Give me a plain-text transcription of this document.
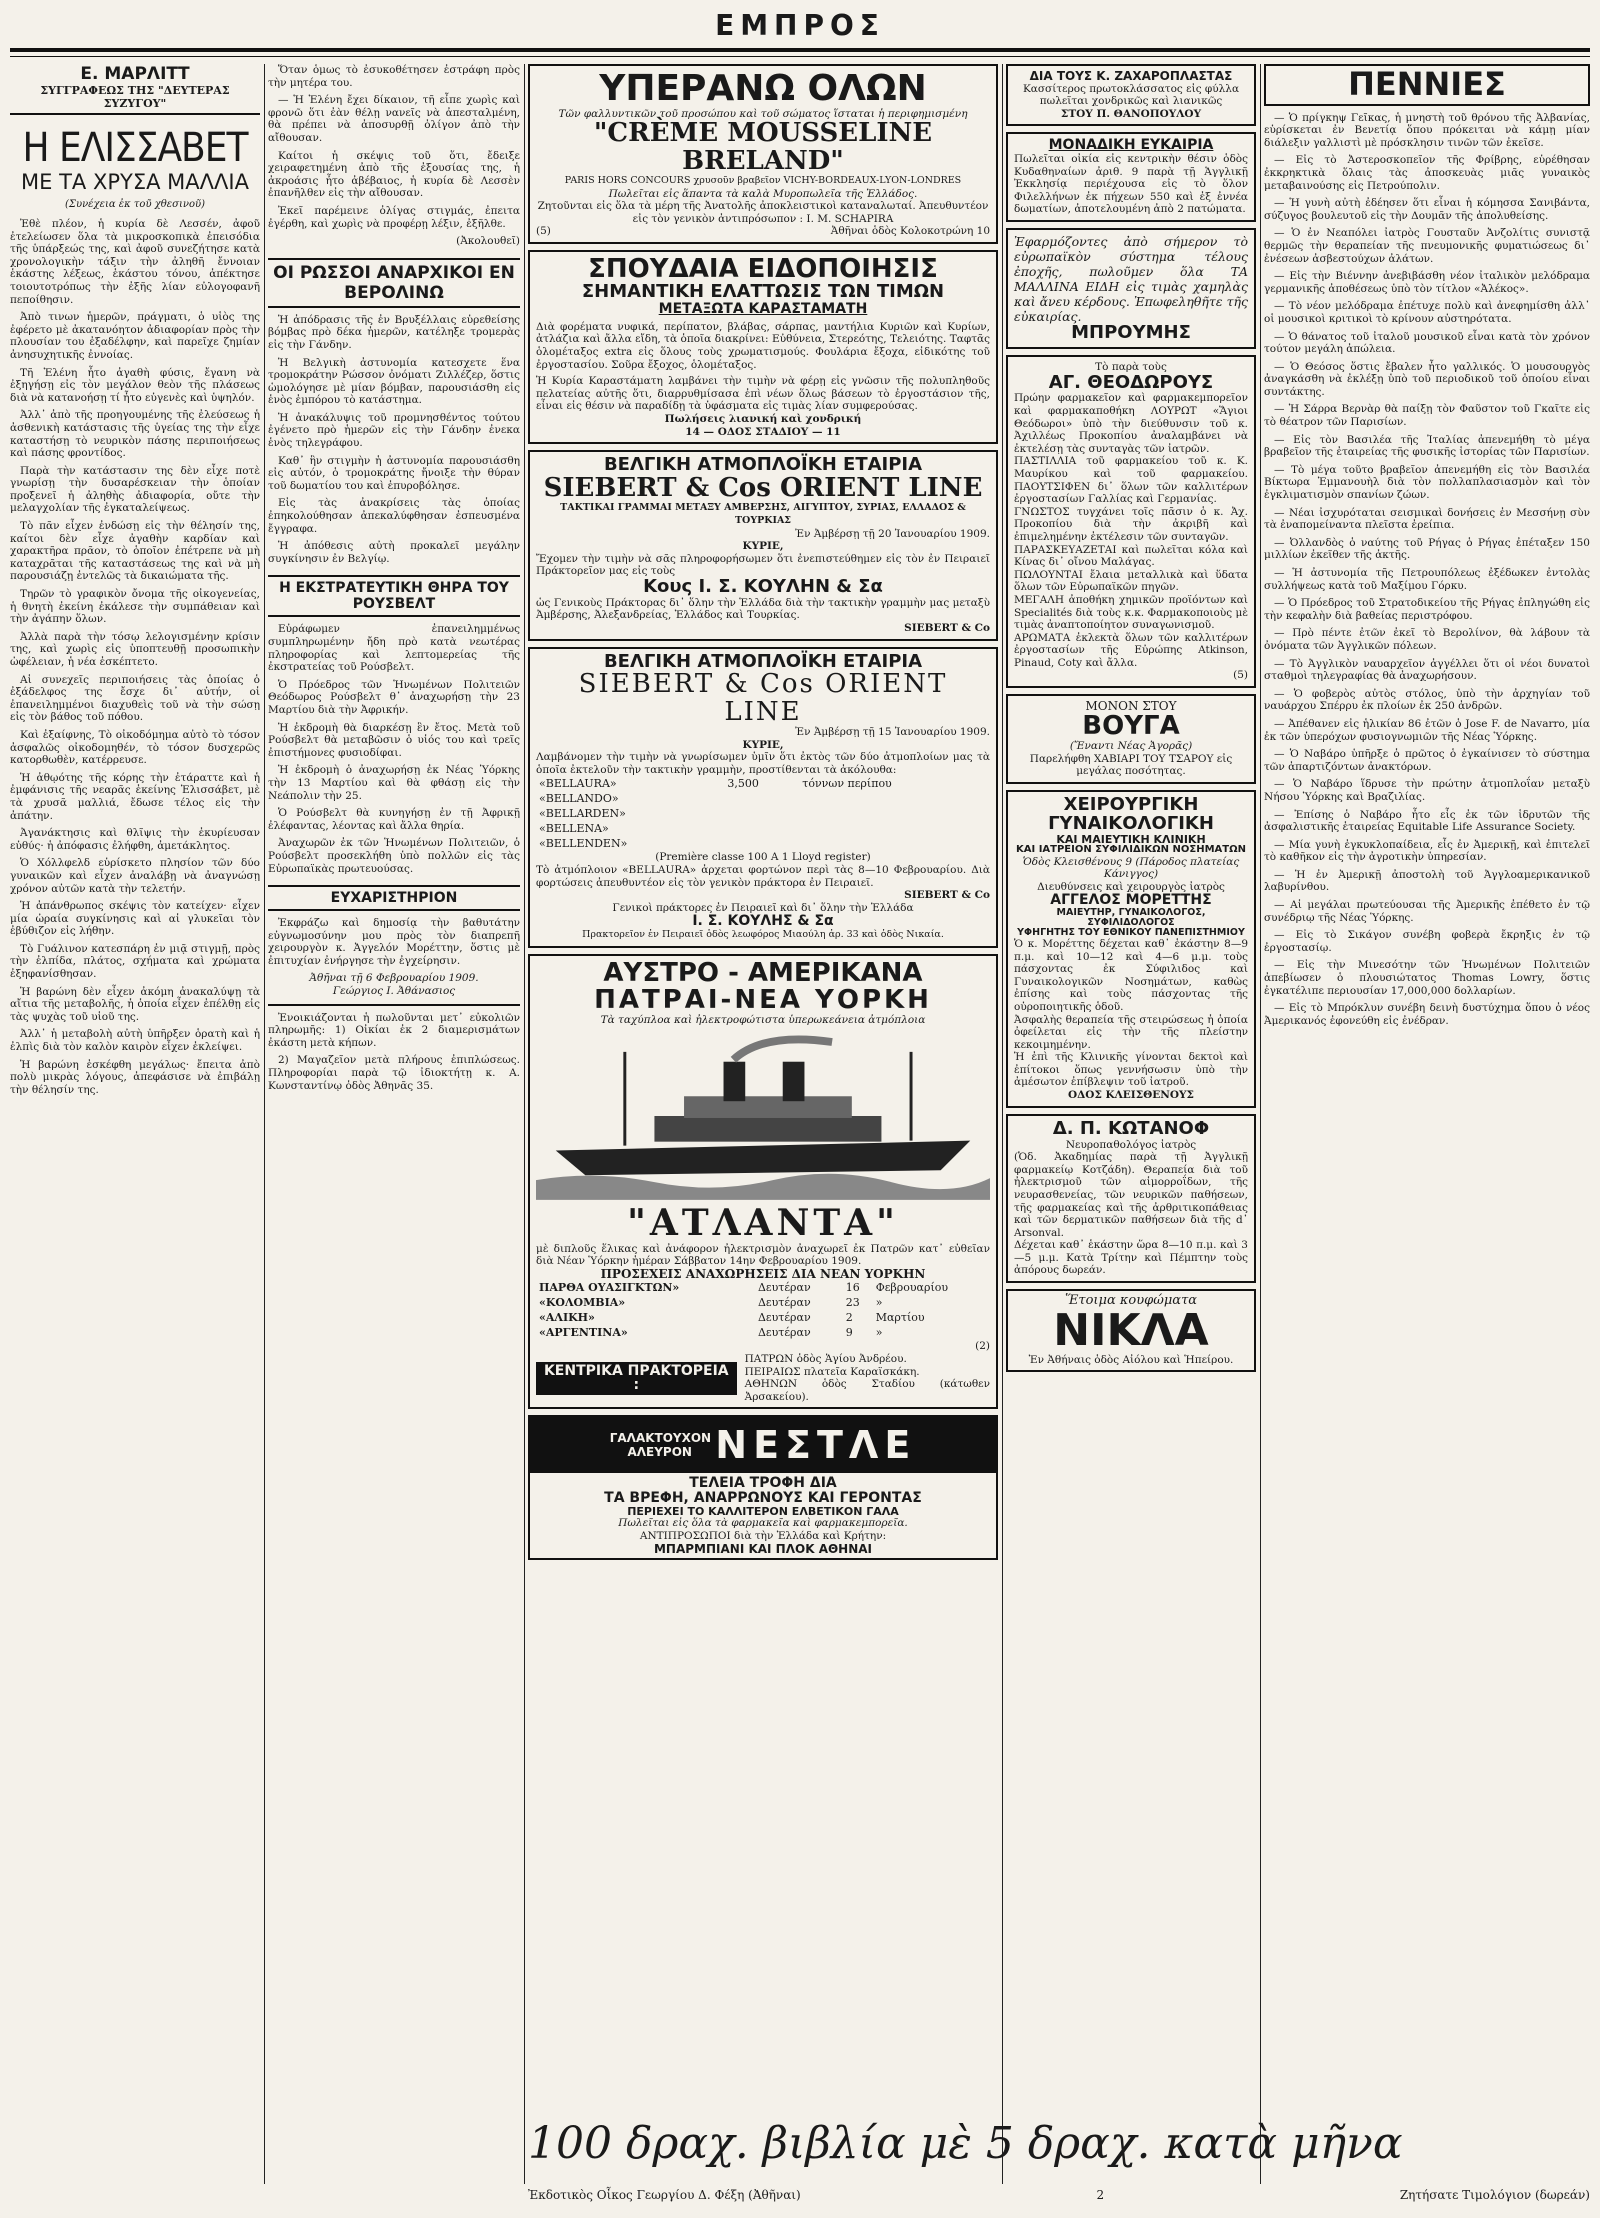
ΕΜΠΡΟΣ
Ε. ΜΑΡΛΙΤΤ
ΣΥΓΓΡΑΦΕΩΣ ΤΗΣ "ΔΕΥΤΕΡΑΣ ΣΥΖΥΓΟΥ"
Η ΕΛΙΣΣΑΒΕΤ
ΜΕ ΤΑ ΧΡΥΣΑ ΜΑΛΛΙΑ
(Συνέχεια ἐκ τοῦ χθεσινοῦ)

Ἐθὲ πλέον, ἡ κυρία δὲ Λεσσέν, ἀφοῦ ἐτελείωσεν ὅλα τὰ μικροσκοπικὰ ἐπεισόδια τῆς ὑπάρξεώς της, καὶ ἀφοῦ συνεζήτησε κατὰ χρονολογικὴν τάξιν τὴν ἀληθῆ ἔννοιαν ἑκάστης λέξεως, ἑκάστου τόνου, ἀπέκτησε τοιουτοτρόπως τὴν ἐξῆς λίαν εὐλογοφανῆ πεποίθησιν.

Ἀπὸ τινων ἡμερῶν, πράγματι, ὁ υἱὸς της ἐφέρετο μὲ ἀκατανόητον ἀδιαφορίαν πρὸς τὴν πλουσίαν του ἐξαδέλφην, καὶ παρεῖχε ζημίαν ἀνησυχητικῆς ἐννοίας.

Τῆ Ἑλένη ἦτο ἀγαθὴ φύσις, ἔγανη νὰ ἐξηγήσῃ εἰς τὸν μεγάλον θεὸν τῆς πλάσεως διὰ νὰ κατανοήσῃ τί ἦτο εὐγενὲς καὶ ὑψηλόν.

Ἀλλ᾽ ἀπὸ τῆς προηγουμένης τῆς ἐλεύσεως ἡ ἀσθενικὴ κατάστασις τῆς ὑγείας της τὴν εἶχε καταστήσῃ τὸ νευρικὸν πάσης περιποιήσεως καὶ πάσης φροντίδος.

Παρὰ τὴν κατάστασιν της δὲν εἶχε ποτὲ γνωρίσῃ τὴν δυσαρέσκειαν τὴν ὁποίαν προξενεῖ ἡ ἀληθὴς ἀδιαφορία, οὔτε τὴν μελαγχολίαν τῆς ἐγκαταλείψεως.

Τὸ πᾶν εἶχεν ἐνδώσῃ εἰς τὴν θέλησίν της, καίτοι δὲν εἶχε ἀγαθὴν καρδίαν καὶ χαρακτῆρα πρᾶον, τὸ ὁποῖον ἐπέτρεπε νὰ μὴ καταχρᾶται τῆς καταστάσεως της καὶ νὰ μὴ παρουσιάζῃ ἐντελῶς τὰ δικαιώματα τῆς.

Τηρῶν τὸ γραφικὸν ὄνομα τῆς οἰκογενείας, ἡ θνητὴ ἐκείνη ἐκάλεσε τὴν συμπάθειαν καὶ τὴν ἀγάπην ὅλων.

Ἀλλὰ παρὰ τὴν τόσῳ λελογισμένην κρίσιν της, καὶ χωρὶς εἰς ὑποπτευθῇ προσωπικὴν ὠφέλειαν, ἡ νέα ἐσκέπτετο.

Αἱ συνεχεῖς περιποιήσεις τὰς ὁποίας ὁ ἐξάδελφος της ἔσχε δι᾽ αὐτήν, οἱ ἐπανειλημμένοι διαχυθεὶς τοῦ νὰ τὴν σώσῃ εἰς τὸν βάθος τοῦ πόθου.

Καὶ ἐξαίφνης, Τὸ οἰκοδόμημα αὐτὸ τὸ τόσον ἀσφαλῶς οἰκοδομηθέν, τὸ τόσον δυσχερῶς κατορθωθὲν, κατέρρευσε.

Ἡ ἀθῳότης τῆς κόρης τὴν ἐτάραττε καὶ ἡ ἐμφάνισις τῆς νεαρᾶς ἐκείνης Ἑλισσάβετ, μὲ τὰ χρυσᾶ μαλλιά, ἔδωσε τέλος εἰς τὴν ἀπάτην.

Ἀγανάκτησις καὶ θλῖψις τὴν ἐκυρίευσαν εὐθύς· ἡ ἀπόφασις ἐλήφθη, ἀμετάκλητος.

Ὁ Χόλλφελδ εὑρίσκετο πλησίον τῶν δύο γυναικῶν καὶ εἶχεν ἀναλάβῃ νὰ ἀναγνώσῃ χρόνον αὐτῶν κατὰ τὴν τελετήν.

Ἡ ἀπάνθρωπος σκέψις τὸν κατείχεν· εἶχεν μία ὠραία συγκίνησις καὶ αἱ γλυκεῖαι τὸν ἐβύθιζον εἰς λήθην.

Τὸ Γυάλινον κατεσπάρη ἐν μιᾷ στιγμῇ, πρὸς τὴν ἐλπίδα, πλάτος, σχήματα καὶ χρώματα ἐξηφανίσθησαν.

Ἡ βαρώνη δὲν εἶχεν ἀκόμη ἀνακαλύψῃ τὰ αἴτια τῆς μεταβολῆς, ἡ ὁποία εἶχεν ἐπέλθῃ εἰς τὰς ψυχὰς τοῦ υἱοῦ της.

Ἀλλ᾽ ἡ μεταβολὴ αὐτὴ ὑπῆρξεν ὁρατὴ καὶ ἡ ἐλπὶς διὰ τὸν καλὸν καιρὸν εἶχεν ἐκλείψει.

Ἡ βαρώνη ἐσκέφθη μεγάλως· ἔπειτα ἀπὸ πολὺ μικρὰς λόγους, ἀπεφάσισε νὰ ἐπιβάλῃ τὴν θέλησίν της.

Ὅταν ὁμως τὸ ἐσυκοθέτησεν ἐστράφη πρὸς τὴν μητέρα του.

— Ἡ Ἑλένη ἔχει δίκαιον, τῆ εἶπε χωρὶς καὶ φρονῶ ὅτι ἐὰν θέλῃ νανεῖς νὰ ἀπεσταλμένη, θὰ πρέπει νὰ ἀποσυρθῇ ὀλίγον ἀπὸ τὴν αἴθουσαν.

Καίτοι ἡ σκέψις τοῦ ὅτι, ἔδειξε χειραφετημένη ἀπὸ τῆς ἐξουσίας της, ἡ ἀκροάσις ἦτο ἀβέβαιος, ἡ κυρία δὲ Λεσσὲν ἐπανῆλθεν εἰς τὴν αἴθουσαν.

Ἐκεῖ παρέμεινε ὀλίγας στιγμάς, ἐπειτα ἐγέρθη, καὶ χωρὶς νὰ προφέρῃ λέξιν, ἐξῆλθε.

(Ἀκολουθεῖ)
ΟΙ ΡΩΣΣΟΙ ΑΝΑΡΧΙΚΟΙ ΕΝ ΒΕΡΟΛΙΝΩ

Ἡ ἀπόδρασις τῆς ἐν Βρυξέλλαις εὑρεθείσης βόμβας πρὸ δέκα ἡμερῶν, κατέληξε τρομερὰς εἰς τὴν Γάνδην.

Ἡ Βελγικὴ ἀστυνομία κατεσχετε ἕνα τρομοκράτην Ρώσσον ὀνόματι Ζιλλέζερ, ὅστις ὡμολόγησε μὲ μίαν βόμβαν, παρουσιάσθη εἰς ἑνὸς ἐμπόρου τὸ κατάστημα.

Ἡ ἀνακάλυψις τοῦ προμνησθέντος τούτου ἐγένετο πρὸ ἡμερῶν εἰς τὴν Γάνδην ἐνεκα ἑνὸς τηλεγράφου.

Καθ᾽ ἣν στιγμὴν ἡ ἀστυνομία παρουσιάσθη εἰς αὐτόν, ὁ τρομοκράτης ἤνοιξε τὴν θύραν τοῦ δωματίου του καὶ ἐπυροβόλησε.

Εἰς τὰς ἀνακρίσεις τὰς ὁποίας ἐπηκολούθησαν ἀπεκαλύφθησαν ἐσπευσμένα ἔγγραφα.

Ἡ ἀπόθεσις αὐτὴ προκαλεῖ μεγάλην συγκίνησιν ἐν Βελγίῳ.

Η ΕΚΣΤΡΑΤΕΥΤΙΚΗ ΘΗΡΑ ΤΟΥ ΡΟΥΣΒΕΛΤ

Εὐράφωμεν ἐπανειλημμένως συμπληρωμένην ἤδη πρὸ κατὰ νεωτέρας πληροφορίας καὶ λεπτομερείας τῆς ἐκστρατείας τοῦ Ρούσβελτ.

Ὁ Πρόεδρος τῶν Ἡνωμένων Πολιτειῶν Θεόδωρος Ρούσβελτ θ᾽ ἀναχωρήσῃ τὴν 23 Μαρτίου διὰ τὴν Ἀφρικήν.

Ἡ ἐκδρομὴ θὰ διαρκέσῃ ἓν ἔτος. Μετὰ τοῦ Ρούσβελτ θὰ μεταβῶσιν ὁ υἱός του καὶ τρεῖς ἐπιστήμονες φυσιοδίφαι.

Ἡ ἐκδρομὴ ὁ ἀναχωρήσῃ ἐκ Νέας Ὑόρκης τὴν 13 Μαρτίου καὶ θὰ φθάσῃ εἰς τὴν Νεάπολιν τὴν 25.

Ὁ Ρούσβελτ θὰ κυνηγήσῃ ἐν τῇ Ἀφρικῇ ἐλέφαντας, λέοντας καὶ ἄλλα θηρία.

Ἀναχωρῶν ἐκ τῶν Ἡνωμένων Πολιτειῶν, ὁ Ρούσβελτ προσεκλήθη ὑπὸ πολλῶν εἰς τὰς Εὐρωπαϊκὰς πρωτευούσας.

ΕΥΧΑΡΙΣΤΗΡΙΟΝ

Ἐκφράζω καὶ δημοσίᾳ τὴν βαθυτάτην εὐγνωμοσύνην μου πρὸς τὸν διαπρεπῆ χειρουργὸν κ. Ἀγγελόν Μορέττην, ὅστις μὲ ἐπιτυχίαν ἐνήργησε τὴν ἐγχείρησιν.

Ἀθῆναι τῇ 6 Φεβρουαρίου 1909.
Γεώργιος Ι. Ἀθάνασιος

Ἐνοικιάζονται ἡ πωλοῦνται μετ᾽ εὐκολιῶν πληρωμῆς: 1) Οἰκίαι ἐκ 2 διαμερισμάτων ἐκάστη μετὰ κήπων.

2) Μαγαζεῖον μετὰ πλήρους ἐπιπλώσεως. Πληροφορίαι παρὰ τῷ ἰδιοκτήτῃ κ. Α. Κωνσταντίνῳ ὁδὸς Ἀθηνᾶς 35.

ΥΠΕΡΑΝΩ ΟΛΩΝ
Τῶν φαλλυντικῶν τοῦ προσώπου καὶ τοῦ σώματος ἵσταται ἡ περιφημισμένη
"CRÈME MOUSSELINE BRELAND"
PARIS HORS CONCOURS χρυσοῦν βραβεῖον VICHY-BORDEAUX-LYON-LONDRES
Πωλεῖται εἰς ἅπαντα τὰ καλὰ Μυροπωλεῖα τῆς Ἑλλάδος.
Ζητοῦνται εἰς ὅλα τὰ μέρη τῆς Ἀνατολῆς ἀποκλειστικοὶ καταναλωταί. Ἀπευθυντέον εἰς τὸν γενικὸν ἀντιπρόσωπον : I. M. SCHAPIRA
(5)	Ἀθῆναι ὁδὸς Κολοκοτρώνη 10
ΣΠΟΥΔΑΙΑ ΕΙΔΟΠΟΙΗΣΙΣ
ΣΗΜΑΝΤΙΚΗ ΕΛΑΤΤΩΣΙΣ ΤΩΝ ΤΙΜΩΝ
ΜΕΤΑΞΩΤΑ ΚΑΡΑΣΤΑΜΑΤΗ
Διὰ φορέματα νυφικά, περίπατον, βλάβας, σάρπας, μαντήλια Κυριῶν καὶ Κυρίων, ἀτλάζια καὶ ἄλλα εἴδη, τὰ ὁποῖα διακρίνει: Εὐθύνεια, Στερεότης, Τελειότης. Ταφτᾶς ὁλομέταξος extra εἰς ὅλους τοὺς χρωματισμούς. Φουλάρια ἔξοχα, εἰδικότης τοῦ ἐργοστασίου. Σοῦρα ἔξοχος, ὁλομέταξος.
Ἡ Κυρία Καραστάματη λαμβάνει τὴν τιμὴν νὰ φέρῃ εἰς γνῶσιν τῆς πολυπληθοῦς πελατείας αὐτῆς ὅτι, διαρρυθμίσασα ἐπὶ νέων ὅλως βάσεων τὸ ἐργοστάσιον τῆς, εἶναι εἰς θέσιν νὰ παραδίδῃ τὰ ὑφάσματα εἰς τιμὰς λίαν συμφερούσας.
Πωλήσεις λιανική καὶ χονδρική
14 — ΟΔΟΣ ΣΤΑΔΙΟΥ — 11
ΒΕΛΓΙΚΗ ΑΤΜΟΠΛΟΪΚΗ ΕΤΑΙΡΙΑ
SIEBERT & Cos ORIENT LINE
ΤΑΚΤΙΚΑΙ ΓΡΑΜΜΑΙ ΜΕΤΑΞΥ ΑΜΒΕΡΣΗΣ, ΑΙΓΥΠΤΟΥ, ΣΥΡΙΑΣ, ΕΛΛΑΔΟΣ & ΤΟΥΡΚΙΑΣ
Ἐν Ἀμβέρσῃ τῇ 20 Ἰανουαρίου 1909.
ΚΥΡΙΕ,
Ἔχομεν τὴν τιμὴν νὰ σᾶς πληροφορήσωμεν ὅτι ἐνεπιστεύθημεν εἰς τὸν ἐν Πειραιεῖ Πράκτορεῖον μας εἰς τοὺς
Κους Ι. Σ. ΚΟΥΛΗΝ & Σα
ὡς Γενικοὺς Πράκτορας δι᾽ ὅλην τὴν Ἑλλάδα διὰ τὴν τακτικὴν γραμμὴν μας μεταξὺ Ἀμβέρσης, Ἀλεξανδρείας, Ἑλλάδος καὶ Τουρκίας.
SIEBERT & Co
ΒΕΛΓΙΚΗ ΑΤΜΟΠΛΟΪΚΗ ΕΤΑΙΡΙΑ
SIEBERT & Cos ORIENT LINE
Ἐν Ἀμβέρσῃ τῇ 15 Ἰανουαρίου 1909.
ΚΥΡΙΕ,
Λαμβάνομεν τὴν τιμὴν νὰ γνωρίσωμεν ὑμῖν ὅτι ἐκτὸς τῶν δύο ἀτμοπλοίων μας τὰ ὁποῖα ἐκτελοῦν τὴν τακτικὴν γραμμὴν, προστίθενται τὰ ἀκόλουθα:
«BELLAURA»	3,500	τόννων περίπου
«BELLANDO»		
«BELLARDEN»		
«BELLENA»		
«BELLENDEN»		
(Première classe 100 A 1 Lloyd register)
Τὸ ἀτμόπλοιον «BELLAURA» ἀρχεται φορτώνον περὶ τὰς 8—10 Φεβρουαρίου. Διὰ φορτώσεις ἀπευθυντέον εἰς τὸν γενικὸν πράκτορα ἐν Πειραιεῖ.
SIEBERT & Co
Γενικοὶ πράκτορες ἐν Πειραιεῖ καὶ δι᾽ ὅλην τὴν Ἑλλάδα
Ι. Σ. ΚΟΥΛΗΣ & Σα
Πρακτορεῖον ἐν Πειραιεῖ ὁδὸς λεωφόρος Μιαούλη ἀρ. 33 καὶ ὁδὸς Νικαία.
ΑΥΣΤΡΟ - ΑΜΕΡΙΚΑΝΑ
ΠΑΤΡΑΙ-ΝΕΑ ΥΟΡΚΗ
Τὰ ταχύπλοα καὶ ἠλεκτροφώτιστα ὑπερωκεάνεια ἀτμόπλοια
"ΑΤΛΑΝΤΑ"
μὲ διπλοῦς ἕλικας καὶ ἀνάφορον ἠλεκτρισμὸν ἀναχωρεῖ ἐκ Πατρῶν κατ᾽ εὐθεῖαν διὰ Νέαν Ὑόρκην ἡμέραν Σάββατον 14ην Φεβρουαρίου 1909.
ΠΡΟΣΕΧΕΙΣ ΑΝΑΧΩΡΗΣΕΙΣ ΔΙΑ ΝΕΑΝ ΥΟΡΚΗΝ
ΠΑΡΘΑ ΟΥΑΣΙΓΚΤΩΝ»	Δευτέραν	16	Φεβρουαρίου
«ΚΟΛΟΜΒΙΑ»	Δευτέραν	23	»
«ΑΛΙΚΗ»	Δευτέραν	2	Μαρτίου
«ΑΡΓΕΝΤΙΝΑ»	Δευτέραν	9	»
(2)
ΚΕΝΤΡΙΚΑ ΠΡΑΚΤΟΡΕΙΑ :
ΠΑΤΡΩΝ ὁδὸς Ἁγίου Ἀνδρέου.
ΠΕΙΡΑΙΩΣ πλατεῖα Καραϊσκάκη.
ΑΘΗΝΩΝ ὁδὸς Σταδίου (κάτωθεν Ἀρσακείου).
ΓΑΛΑΚΤΟΥΧΟΝ ΑΛΕΥΡΟΝ ΝΕΣΤΛΕ
ΤΕΛΕΙΑ ΤΡΟΦΗ ΔΙΑ
ΤΑ ΒΡΕΦΗ, ΑΝΑΡΡΩΝΟΥΣ ΚΑΙ ΓΕΡΟΝΤΑΣ
ΠΕΡΙΕΧΕΙ ΤΟ ΚΑΛΛΙΤΕΡΟΝ ΕΛΒΕΤΙΚΟΝ ΓΑΛΑ
Πωλεῖται εἰς ὅλα τὰ φαρμακεῖα καὶ φαρμακεμπορεῖα.
ΑΝΤΙΠΡΟΣΩΠΟΙ διὰ τὴν Ἑλλάδα καὶ Κρήτην:
ΜΠΑΡΜΠΙΑΝΙ ΚΑΙ ΠΛΟΚ ΑΘΗΝΑΙ
ΔΙΑ ΤΟΥΣ Κ. ΖΑΧΑΡΟΠΛΑΣΤΑΣ
Κασσίτερος πρωτοκλάσσατος εἰς φύλλα πωλεῖται χονδρικῶς καὶ λιανικῶς
ΣΤΟΥ Π. ΘΑΝΟΠΟΥΛΟΥ
ΜΟΝΑΔΙΚΗ ΕΥΚΑΙΡΙΑ
Πωλεῖται οἰκία εἰς κεντρικὴν θέσιν ὁδὸς Κυδαθηναίων ἀριθ. 9 παρὰ τῇ Ἁγγλικῇ Ἐκκλησίᾳ περιέχουσα εἰς τὸ ὅλον Φιλελλήνων ἐκ πήχεων 550 καὶ ἐξ ἐννέα δωματίων, ἀποτελουμένη ἀπὸ 2 πατώματα.
Ἐφαρμόζοντες ἀπὸ σήμερον τὸ εὐρωπαϊκὸν σύστημα τέλους ἐποχῆς, πωλοῦμεν ὅλα ΤΑ ΜΑΛΛΙΝΑ ΕΙΔΗ εἰς τιμὰς χαμηλὰς καὶ ἄνευ κέρδους. Ἐπωφεληθῆτε τῆς εὐκαιρίας.
ΜΠΡΟΥΜΗΣ
Τὸ παρὰ τοὺς
ΑΓ. ΘΕΟΔΩΡΟΥΣ
Πρώην φαρμακεῖον καὶ φαρμακεμπορεῖον καὶ φαρμακαποθήκη ΛΟΥΡΩΤ «Ἅγιοι Θεόδωροι» ὑπὸ τὴν διεύθυνσιν τοῦ κ. Ἀχιλλέως Προκοπίου ἀναλαμβάνει νὰ ἐκτελέσῃ τὰς συνταγὰς τῶν ἰατρῶν.
ΠΑΣΤΙΛΛΙΑ τοῦ φαρμακείου τοῦ κ. Κ. Μαυρίκου καὶ τοῦ φαρμακείου. ΠΑΟΥΤΣΙΦΕΝ δι᾽ ὅλων τῶν καλλιτέρων ἐργοστασίων Γαλλίας καὶ Γερμανίας.
ΓΝΩΣΤΟΣ τυγχάνει τοῖς πᾶσιν ὁ κ. Ἀχ. Προκοπίου διὰ τὴν ἀκριβῆ καὶ ἐπιμελημένην ἐκτέλεσιν τῶν συνταγῶν.
ΠΑΡΑΣΚΕΥΑΖΕΤΑΙ καὶ πωλεῖται κόλα καὶ Κίνας δι᾽ οἴνου Μαλάγας.
ΠΩΛΟΥΝΤΑΙ ἔλαια μεταλλικὰ καὶ ὕδατα ὅλων τῶν Εὐρωπαϊκῶν πηγῶν.
ΜΕΓΑΛΗ ἀποθήκη χημικῶν προϊόντων καὶ Specialités διὰ τοὺς κ.κ. Φαρμακοποιοὺς μὲ τιμὰς ἀναπτοποίητον συναγωνισμοῦ.
ΑΡΩΜΑΤΑ ἐκλεκτὰ ὅλων τῶν καλλιτέρων ἐργοστασίων τῆς Εὐρώπης Atkinson, Pinaud, Coty καὶ ἄλλα.
(5)
ΜΟΝΟΝ ΣΤΟΥ
ΒΟΥΓΑ
(Ἔναντι Νέας Ἀγορᾶς)
Παρελήφθη ΧΑΒΙΑΡΙ ΤΟΥ ΤΣΑΡΟΥ εἰς μεγάλας ποσότητας.
ΧΕΙΡΟΥΡΓΙΚΗ
ΓΥΝΑΙΚΟΛΟΓΙΚΗ
ΚΑΙ ΜΑΙΕΥΤΙΚΗ ΚΛΙΝΙΚΗ
ΚΑΙ ΙΑΤΡΕΙΟΝ ΣΥΦΙΛΙΔΙΚΩΝ ΝΟΣΗΜΑΤΩΝ
Ὁδὸς Κλεισθένους 9 (Πάροδος πλατείας Κάνιγγος)
Διευθύνσεις καὶ χειρουργὸς ἰατρὸς
ΑΓΓΕΛΟΣ ΜΟΡΕΤΤΗΣ
ΜΑΙΕΥΤΗΡ, ΓΥΝΑΙΚΟΛΟΓΟΣ, ΣΥΦΙΛΙΔΟΛΟΓΟΣ
ΥΦΗΓΗΤΗΣ ΤΟΥ ΕΘΝΙΚΟΥ ΠΑΝΕΠΙΣΤΗΜΙΟΥ
Ὁ κ. Μορέττης δέχεται καθ᾽ ἑκάστην 8—9 π.μ. καὶ 10—12 καὶ 4—6 μ.μ. τοὺς πάσχοντας ἐκ Σύφιλιδος καὶ Γυναικολογικῶν Νοσημάτων, καθὼς ἐπίσης καὶ τοὺς πάσχοντας τῆς οὐροποιητικῆς ὁδοῦ.
Ἀσφαλὴς θεραπεία τῆς στειρώσεως ἡ ὁποία ὀφείλεται εἰς τὴν τῆς πλείστην κεκοιμημένην.
Ἡ ἐπὶ τῆς Κλινικῆς γίνονται δεκτοὶ καὶ ἐπίτοκοι ὅπως γεννήσωσιν ὑπὸ τὴν ἀμέσωτον ἐπίβλεψιν τοῦ ἰατροῦ.
ΟΔΟΣ ΚΛΕΙΣΘΕΝΟΥΣ
Δ. Π. ΚΩΤΑΝΟΦ
Νευροπαθολόγος ἰατρὸς
(Ὁδ. Ἀκαδημίας παρὰ τῇ Ἀγγλικῇ φαρμακείῳ Κοτζάδη). Θεραπεία διὰ τοῦ ἠλεκτρισμοῦ τῶν αἱμορροΐδων, τῆς νευρασθενείας, τῶν νευρικῶν παθήσεων, τῆς φαρμακείας καὶ τῆς ἀρθριτικοπάθειας καὶ τῶν δερματικῶν παθήσεων διὰ τῆς d᾽ Arsonval.
Δέχεται καθ᾽ ἑκάστην ὥρα 8—10 π.μ. καὶ 3—5 μ.μ. Κατὰ Τρίτην καὶ Πέμπτην τοὺς ἀπόρους δωρεάν.
Ἕτοιμα κουφώματα
ΝΙΚΛΑ
Ἐν Ἀθήναις ὁδὸς Αἰόλου καὶ Ἡπείρου.
ΠΕΝΝΙΕΣ

— Ὁ πρίγκηψ Γεῖκας, ἡ μνηστὴ τοῦ θρόνου τῆς Ἀλβανίας, εὑρίσκεται ἐν Βενετίᾳ ὅπου πρόκειται νὰ κάμῃ μίαν διάλεξιν γαλλιστὶ μὲ πρόσκλησιν τινῶν τῶν ἐκεῖσε.

— Εἰς τὸ Ἀστεροσκοπεῖον τῆς Φρίβρης, εὑρέθησαν ἐκκρηκτικὰ ὅλαις τὰς ἀποσκευὰς μιᾶς γυναικὸς μεταβαινούσης εἰς Πετρούπολιν.

— Ἡ γυνὴ αὐτὴ ἐδέησεν ὅτι εἶναι ἡ κόμησσα Σανιβάντα, σύζυγος βουλευτοῦ εἰς τὴν Δουμᾶν τῆς ἀπολυθείσης.

— Ὁ ἐν Νεαπόλει ἰατρὸς Γουσταῦν Ἀνζολίτις συνιστᾷ θερμῶς τὴν θεραπείαν τῆς πνευμονικῆς φυματιώσεως δι᾽ ἐνέσεων ἀσβεστούχων ἀλάτων.

— Εἰς τὴν Βιέννην ἀνεβιβάσθη νέον ἰταλικὸν μελόδραμα γερμανικῆς ἀποθέσεως ὑπὸ τὸν τίτλον «Ἀλέκος».

— Τὸ νέον μελόδραμα ἐπέτυχε πολὺ καὶ ἀνεφημίσθη ἀλλ᾽ οἱ μουσικοὶ κριτικοὶ τὸ κρίνουν αὐστηρότατα.

— Ὁ θάνατος τοῦ ἰταλοῦ μουσικοῦ εἶναι κατὰ τὸν χρόνον τούτον μεγάλη ἀπώλεια.

— Ὁ Θεόσος ὅστις ἔβαλεν ἧτο γαλλικός. Ὁ μουσουργὸς ἀναγκάσθη νὰ ἐκλέξῃ ὑπὸ τοῦ περιοδικοῦ τοῦ ὁποίου εἶναι συντάκτης.

— Ἡ Σάρρα Βερνὰρ θὰ παίξῃ τὸν Φαῦστον τοῦ Γκαῖτε εἰς τὸ θέατρον τῶν Παρισίων.

— Εἰς τὸν Βασιλέα τῆς Ἰταλίας ἀπενεμήθη τὸ μέγα βραβεῖον τῆς ἐταιρείας τῆς φυσικῆς ἱστορίας τῶν Παρισίων.

— Τὸ μέγα τοῦτο βραβεῖον ἀπενεμήθη εἰς τὸν Βασιλέα Βίκτωρα Ἐμμανουὴλ διὰ τὸν πολλαπλασιασμὸν καὶ τὸν ἐγκλιματισμὸν σπανίων ζώων.

— Νέαι ἰσχυρόταται σεισμικαὶ δονήσεις ἐν Μεσσήνῃ σὺν τὰ ἐναπομείναντα πλεῖστα ἐρείπια.

— Ὀλλανδὸς ὁ ναύτης τοῦ Ρήγας ὁ Ρήγας ἐπέταξεν 150 μιλλίων ἐκεῖθεν τῆς ἀκτῆς.

— Ἡ ἀστυνομία τῆς Πετρουπόλεως ἐξέδωκεν ἐντολὰς συλλήψεως κατὰ τοῦ Μαξίμου Γόρκυ.

— Ὁ Πρόεδρος τοῦ Στρατοδικείου τῆς Ρήγας ἐπληγώθη εἰς τὴν κεφαλὴν διὰ βαθείας περιστρόφου.

— Πρὸ πέντε ἐτῶν ἐκεῖ τὸ Βερολίνον, θὰ λάβουν τὰ ὀνόματα τῶν Ἀγγλικῶν πόλεων.

— Τὸ Ἀγγλικὸν ναυαρχεῖον ἀγγέλλει ὅτι οἱ νέοι δυνατοὶ σταθμοὶ τηλεγραφίας θὰ ἀναχωρήσουν.

— Ὁ φοβερὸς αὐτὸς στόλος, ὑπὸ τὴν ἀρχηγίαν τοῦ ναυάρχου Σπέρρυ ἐκ πλοίων ἐκ 250 ἀνδρῶν.

— Ἀπέθανεν εἰς ἡλικίαν 86 ἐτῶν ὁ Jose F. de Navarro, μία ἐκ τῶν ὑπερόχων φυσιογνωμιῶν τῆς Νέας Ὑόρκης.

— Ὁ Ναβάρο ὑπῆρξε ὁ πρῶτος ὁ ἐγκαίνισεν τὸ σύστημα τῶν ἀπαρτιζόντων ἀνακτόρων.

— Ὁ Ναβάρο ἵδρυσε τὴν πρώτην ἀτμοπλοΐαν μεταξὺ Νήσου Ὑόρκης καὶ Βραζιλίας.

— Ἐπίσης ὁ Ναβάρο ἦτο εἷς ἐκ τῶν ἱδρυτῶν τῆς ἀσφαλιστικῆς ἑταιρείας Equitable Life Assurance Society.

— Μία γυνὴ ἐγκυκλοπαίδεια, εἶς ἐν Ἀμερικῇ, καὶ ἐπιτελεῖ τὸ καθῆκον εἰς τὴν ἀγροτικὴν ὑπηρεσίαν.

— Ἡ ἐν Ἀμερικῇ ἀποστολὴ τοῦ Ἀγγλοαμερικανικοῦ λαβυρίνθου.

— Αἱ μεγάλαι πρωτεύουσαι τῆς Ἀμερικῆς ἐπέθετο ἐν τῷ συνέδριῳ τῆς Νέας Ὑόρκης.

— Εἰς τὸ Σικάγον συνέβη φοβερὰ ἔκρηξις ἐν τῷ ἐργοστασίῳ.

— Εἰς τὴν Μινεσότην τῶν Ἡνωμένων Πολιτειῶν ἀπεβίωσεν ὁ πλουσιώτατος Thomas Lowry, ὅστις ἐγκατέλιπε περιουσίαν 17,000,000 δολλαρίων.

— Εἰς τὸ Μπρόκλυν συνέβη δεινὴ δυστύχημα ὅπου ὁ νέος Ἀμερικανός ἐφονεύθη εἰς ἐνέδραν.

100 δραχ. βιβλία μὲ 5 δραχ. κατὰ μῆνα
Ἐκδοτικὸς Οἶκος Γεωργίου Δ. Φέξη (Ἀθῆναι)	2	Ζητήσατε Τιμολόγιον (δωρεάν)
